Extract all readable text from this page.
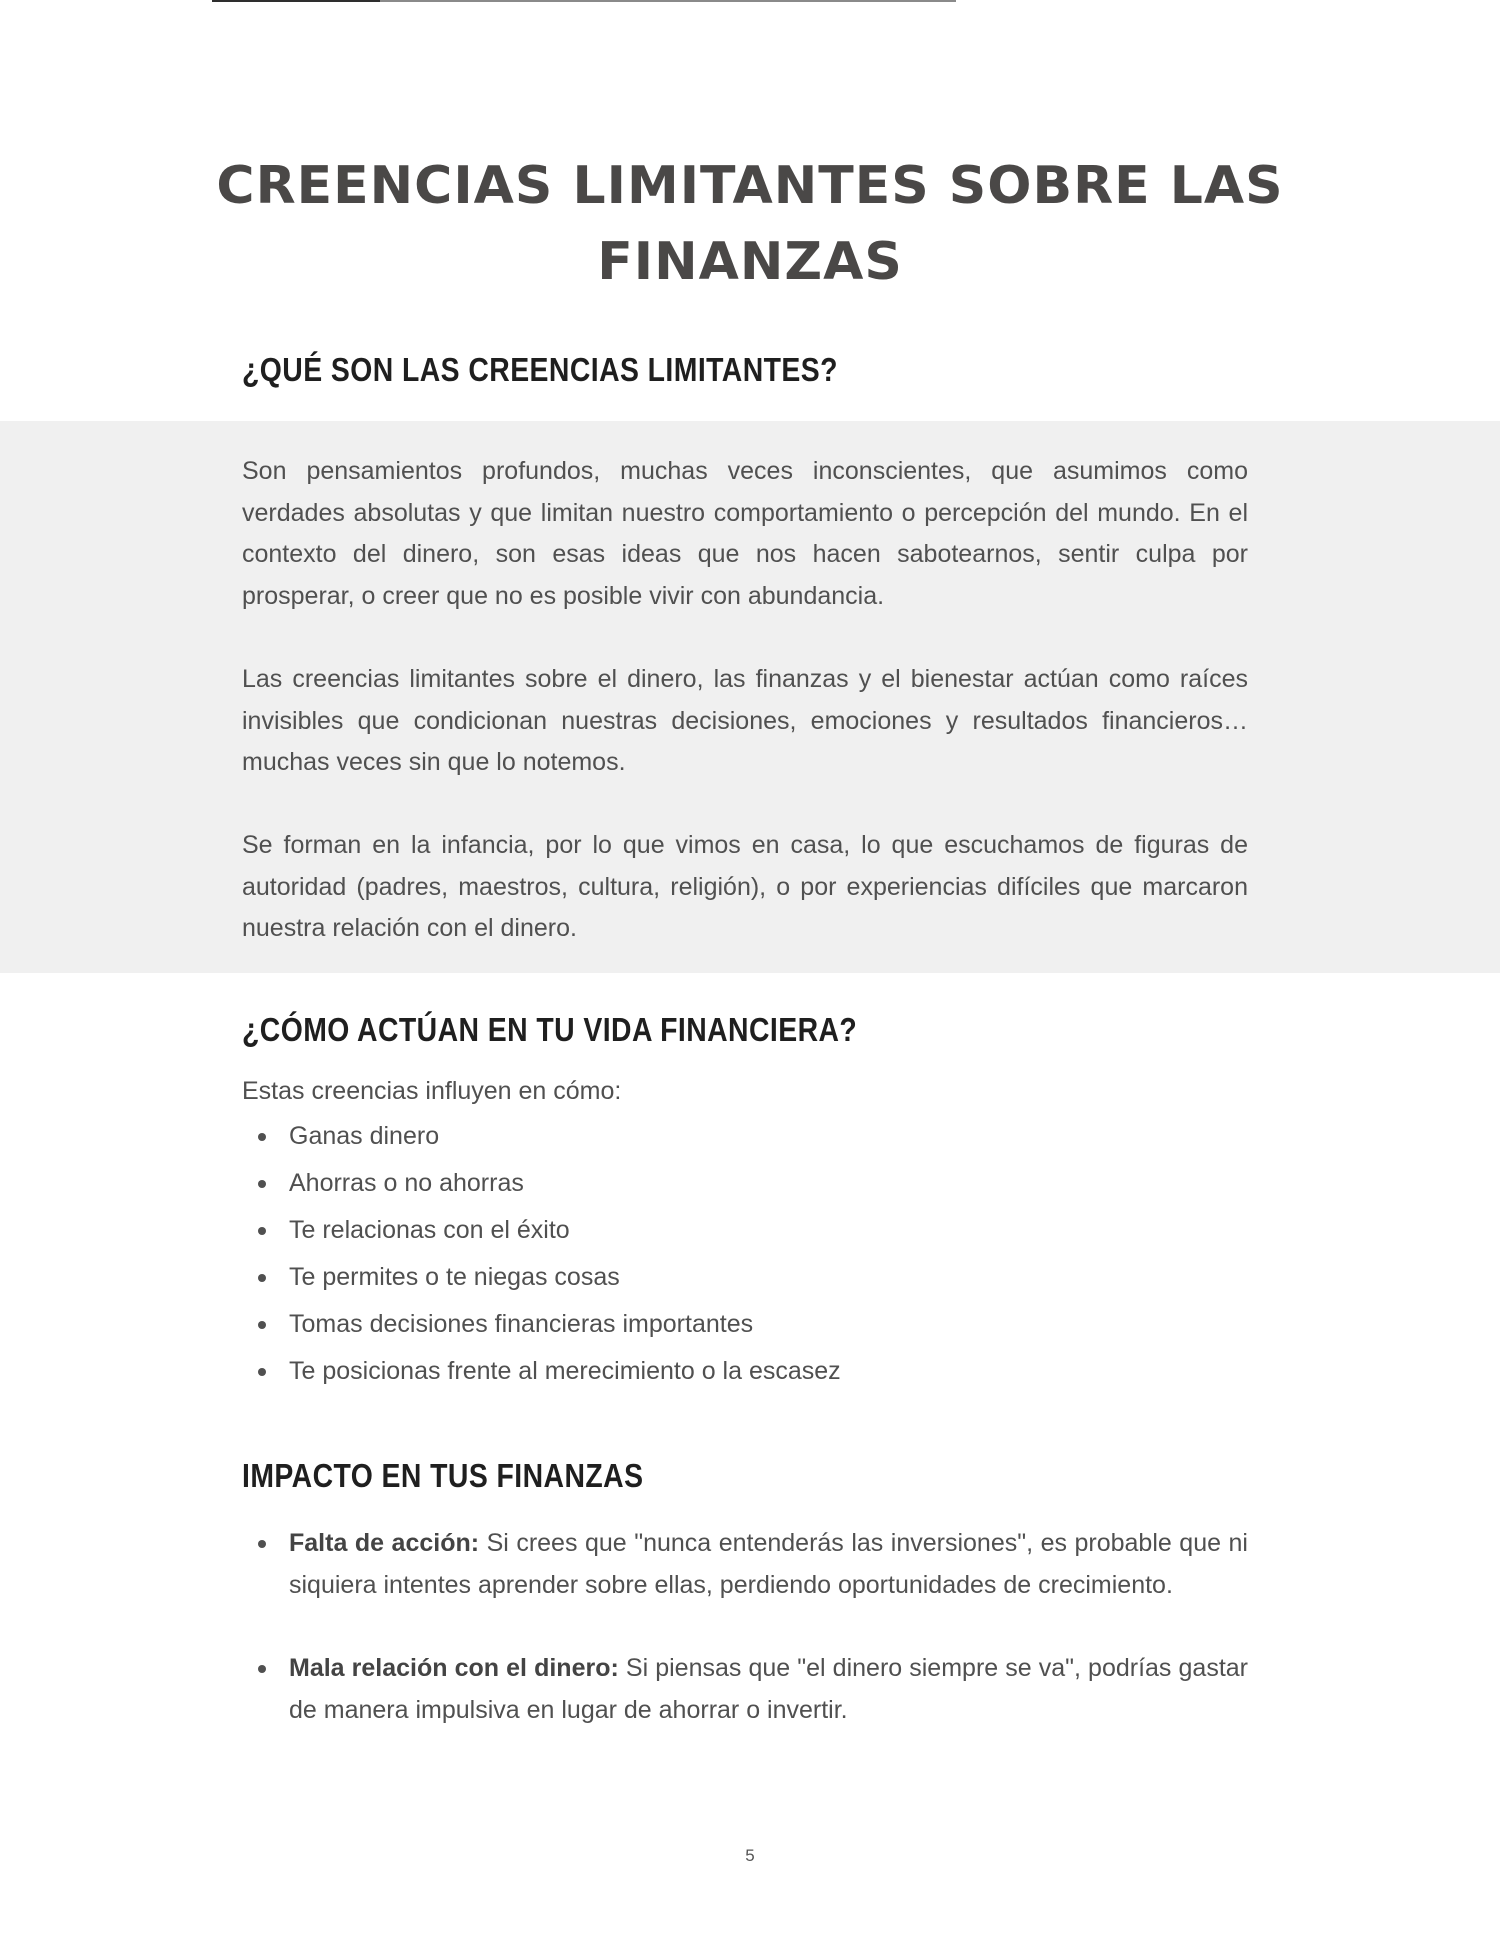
CREENCIAS LIMITANTES SOBRE LAS
FINANZAS
¿QUÉ SON LAS CREENCIAS LIMITANTES?

Son pensamientos profundos, muchas veces inconscientes, que asumimos como verdades absolutas y que limitan nuestro comportamiento o percepción del mundo. En el contexto del dinero, son esas ideas que nos hacen sabotearnos, sentir culpa por prosperar, o creer que no es posible vivir con abundancia.

Las creencias limitantes sobre el dinero, las finanzas y el bienestar actúan como raíces invisibles que condicionan nuestras decisiones, emociones y resultados financieros… muchas veces sin que lo notemos.

Se forman en la infancia, por lo que vimos en casa, lo que escuchamos de figuras de autoridad (padres, maestros, cultura, religión), o por experiencias difíciles que marcaron nuestra relación con el dinero.

¿CÓMO ACTÚAN EN TU VIDA FINANCIERA?

Estas creencias influyen en cómo:

Ganas dinero
Ahorras o no ahorras
Te relacionas con el éxito
Te permites o te niegas cosas
Tomas decisiones financieras importantes
Te posicionas frente al merecimiento o la escasez
IMPACTO EN TUS FINANZAS
Falta de acción: Si crees que "nunca entenderás las inversiones", es probable que ni siquiera intentes aprender sobre ellas, perdiendo oportunidades de crecimiento.
Mala relación con el dinero: Si piensas que "el dinero siempre se va", podrías gastar de manera impulsiva en lugar de ahorrar o invertir.

5
